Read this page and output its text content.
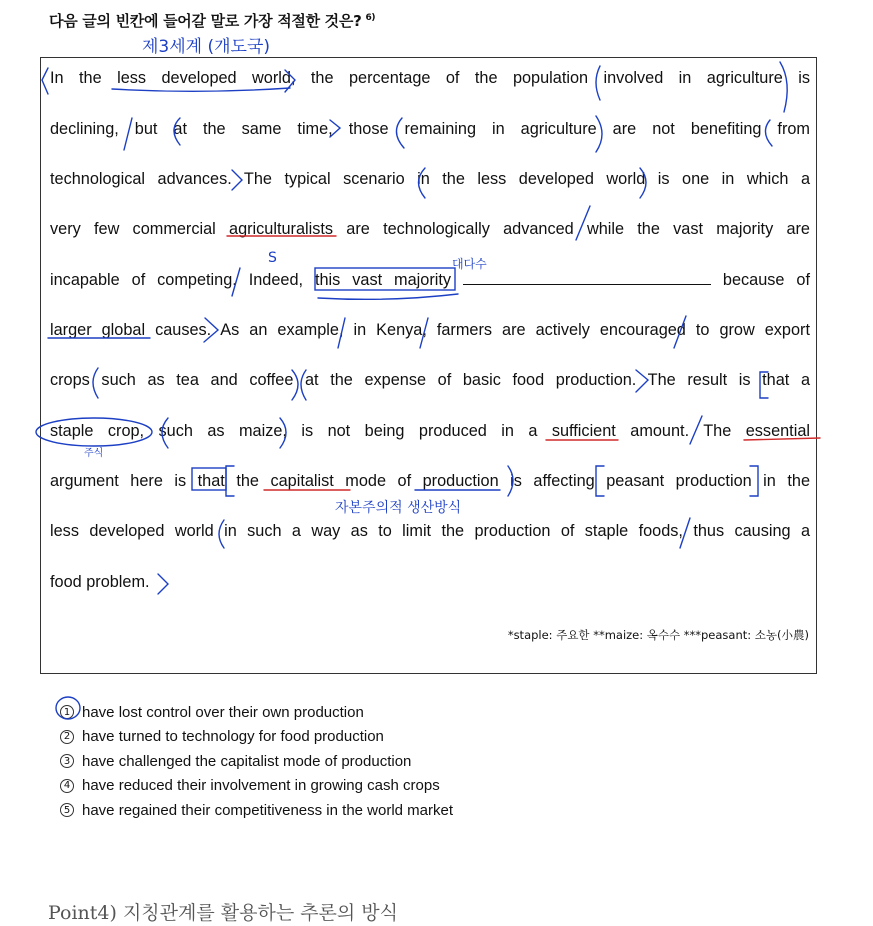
다음 글의 빈칸에 들어갈 말로 가장 적절한 것은? $^{6)}$
In the less developed world, the percentage of the population involved in agriculture is
declining, but at the same time, those remaining in agriculture are not benefiting from
technological advances. The typical scenario in the less developed world is one in which a
very few commercial agriculturalists are technologically advanced while the vast majority are
incapable of competing. Indeed, this vast majority	because of
larger global causes. As an example, in Kenya, farmers are actively encouraged to grow export
crops such as tea and coffee at the expense of basic food production. The result is that a
staple crop, such as maize, is not being produced in a sufficient amount. The essential
argument here is that the capitalist mode of production is affecting peasant production in the
less developed world in such a way as to limit the production of staple foods, thus causing a
food problem.
*staple: 주요한 **maize: 옥수수 ***peasant: 소농(小農)
1 have lost control over their own production
2 have turned to technology for food production
3 have challenged the capitalist mode of production
4 have reduced their involvement in growing cash crops
5 have regained their competitiveness in the world market
Point4) 지칭관계를 활용하는 추론의 방식
제3세계 (개도국)
대다수
S
자본주의적 생산방식
주식
